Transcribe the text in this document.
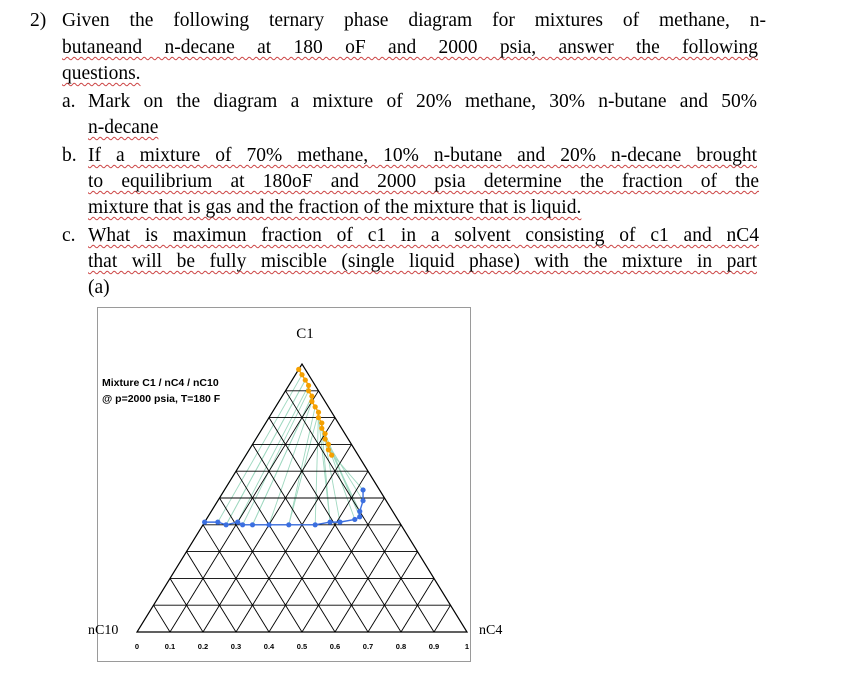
2) Given the following ternary phase diagram for mixtures of methane, n-
butaneand n-decane at 180 oF and 2000 psia, answer the following
questions.
a. Mark on the diagram a mixture of 20% methane, 30% n-butane and 50%
n-decane
b. If a mixture of 70% methane, 10% n-butane and 20% n-decane brought
to equilibrium at 180oF and 2000 psia determine the fraction of the
mixture that is gas and the fraction of the mixture that is liquid.
c. What is maximun fraction of c1 in a solvent consisting of c1 and nC4
that will be fully miscible (single liquid phase) with the mixture in part
(a)
C1
nC10	nC4
Mixture C1 / nC4 / nC10
@ p=2000 psia, T=180 F
0	0.1	0.2	0.3	0.4	0.5	0.6	0.7	0.8	0.9	1
